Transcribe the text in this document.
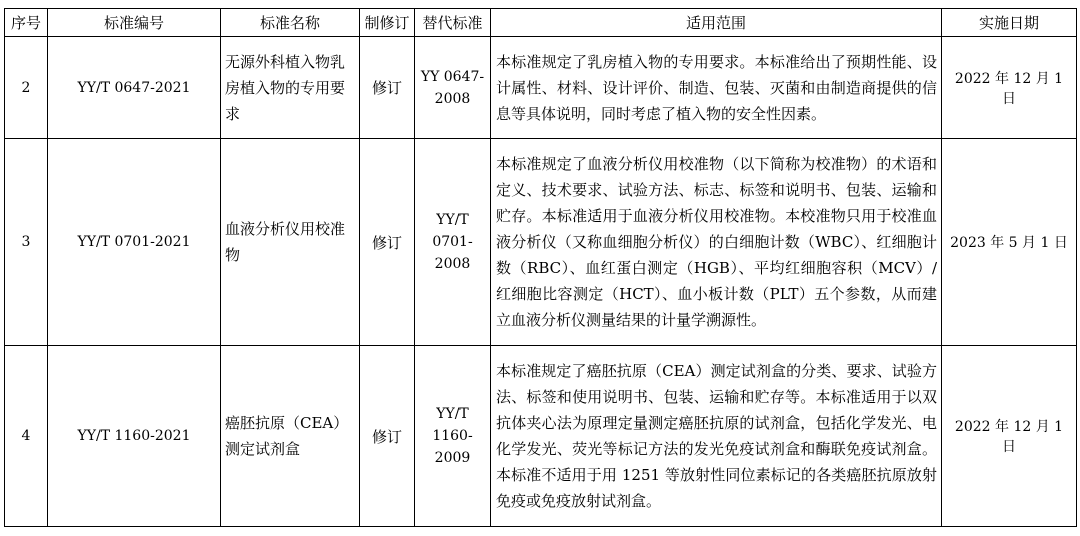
序号	标准编号	标准名称	制修订	替代标准	适用范围	实施日期
2	YY/T 0647-2021	无源外科植入物乳房植入物的专用要求	修订	YY 0647-2008	本标准规定了乳房植入物的专用要求。本标准给出了预期性能、设计属性、材料、设计评价、制造、包装、灭菌和由制造商提供的信息等具体说明，同时考虑了植入物的安全性因素。	2022 年 12 月 1 日
3	YY/T 0701-2021	血液分析仪用校准物	修订	YY/T 0701-2008	本标准规定了血液分析仪用校准物（以下简称为校准物）的术语和定义、技术要求、试验方法、标志、标签和说明书、包装、运输和贮存。本标准适用于血液分析仪用校准物。本校准物只用于校准血液分析仪（又称血细胞分析仪）的白细胞计数（WBC）、红细胞计数（RBC）、血红蛋白测定（HGB）、平均红细胞容积（MCV）/红细胞比容测定（HCT）、血小板计数（PLT）五个参数，从而建立血液分析仪测量结果的计量学溯源性。	2023 年 5 月 1 日
4	YY/T 1160-2021	癌胚抗原（CEA）测定试剂盒	修订	YY/T 1160-2009	本标准规定了癌胚抗原（CEA）测定试剂盒的分类、要求、试验方法、标签和使用说明书、包装、运输和贮存等。本标准适用于以双抗体夹心法为原理定量测定癌胚抗原的试剂盒，包括化学发光、电化学发光、荧光等标记方法的发光免疫试剂盒和酶联免疫试剂盒。本标准不适用于用 1251 等放射性同位素标记的各类癌胚抗原放射免疫或免疫放射试剂盒。	2022 年 12 月 1 日
